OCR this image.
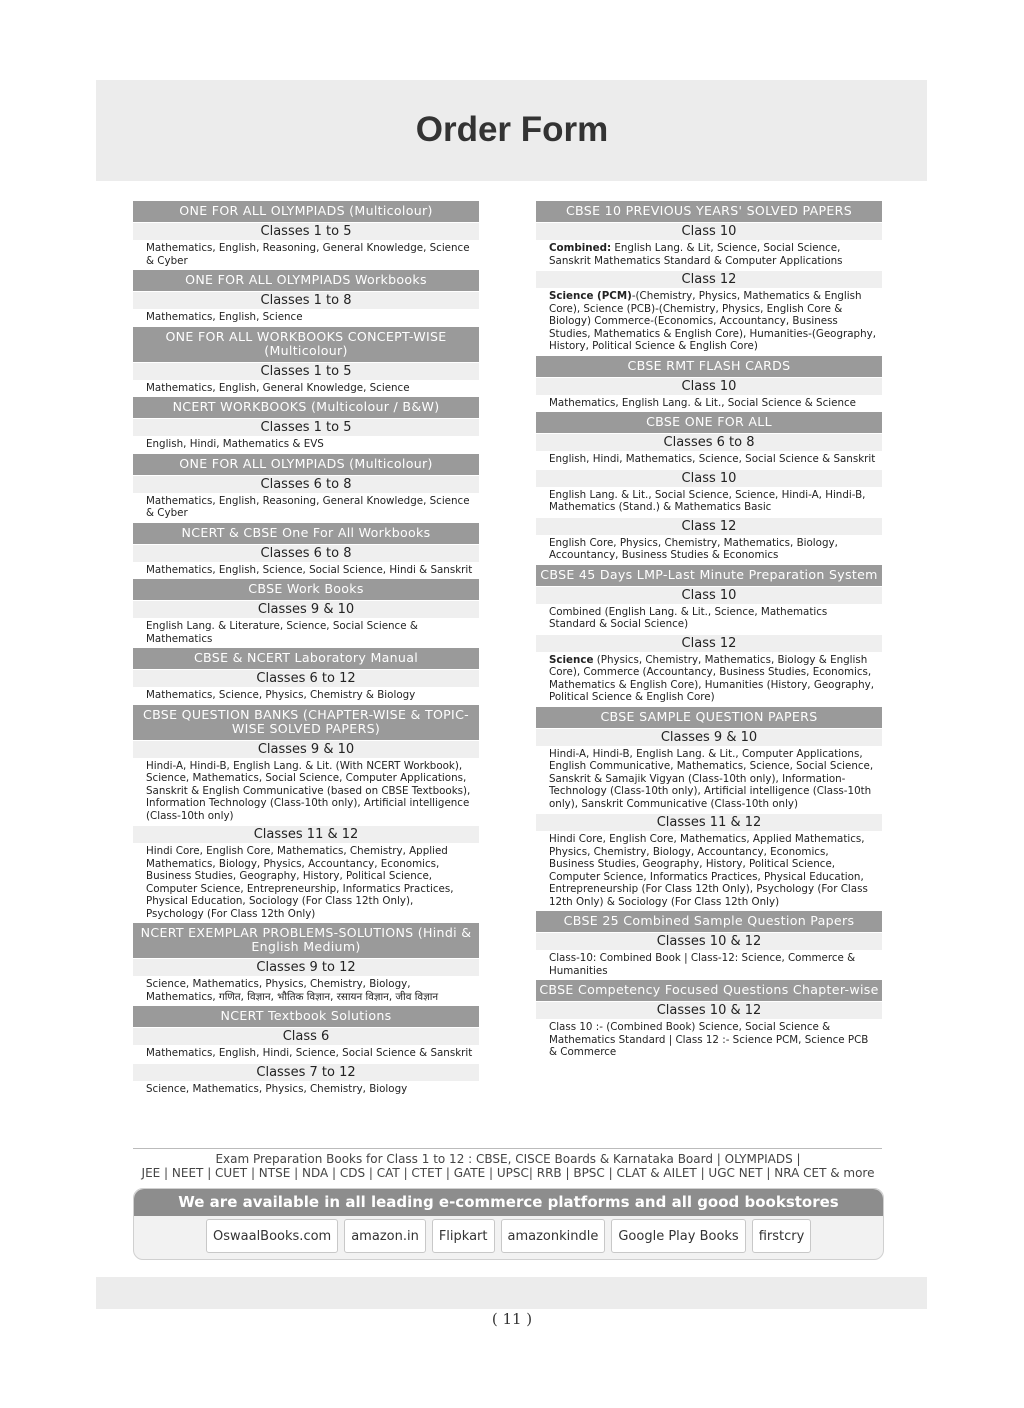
Order Form
ONE FOR ALL OLYMPIADS (Multicolour)
Classes 1 to 5
Mathematics, English, Reasoning, General Knowledge, Science & Cyber
ONE FOR ALL OLYMPIADS Workbooks
Classes 1 to 8
Mathematics, English, Science
ONE FOR ALL WORKBOOKS CONCEPT-WISE (Multicolour)
Classes 1 to 5
Mathematics, English, General Knowledge, Science
NCERT WORKBOOKS (Multicolour / B&W)
Classes 1 to 5
English, Hindi, Mathematics & EVS
ONE FOR ALL OLYMPIADS (Multicolour)
Classes 6 to 8
Mathematics, English, Reasoning, General Knowledge, Science & Cyber
NCERT & CBSE One For All Workbooks
Classes 6 to 8
Mathematics, English, Science, Social Science, Hindi & Sanskrit
CBSE Work Books
Classes 9 & 10
English Lang. & Literature, Science, Social Science & Mathematics
CBSE & NCERT Laboratory Manual
Classes 6 to 12
Mathematics, Science, Physics, Chemistry & Biology
CBSE QUESTION BANKS (CHAPTER-WISE & TOPIC-WISE SOLVED PAPERS)
Classes 9 & 10
Hindi-A, Hindi-B, English Lang. & Lit. (With NCERT Workbook), Science, Mathematics, Social Science, Computer Applications, Sanskrit & English Communicative (based on CBSE Textbooks), Information Technology (Class-10th only), Artificial intelligence (Class-10th only)
Classes 11 & 12
Hindi Core, English Core, Mathematics, Chemistry, Applied Mathematics, Biology, Physics, Accountancy, Economics, Business Studies, Geography, History, Political Science, Computer Science, Entrepreneurship, Informatics Practices, Physical Education, Sociology (For Class 12th Only), Psychology (For Class 12th Only)
NCERT EXEMPLAR PROBLEMS-SOLUTIONS (Hindi & English Medium)
Classes 9 to 12
Science, Mathematics, Physics, Chemistry, Biology, Mathematics, गणित, विज्ञान, भौतिक विज्ञान, रसायन विज्ञान, जीव विज्ञान
NCERT Textbook Solutions
Class 6
Mathematics, English, Hindi, Science, Social Science & Sanskrit
Classes 7 to 12
Science, Mathematics, Physics, Chemistry, Biology
CBSE 10 PREVIOUS YEARS' SOLVED PAPERS
Class 10
Combined: English Lang. & Lit, Science, Social Science, Sanskrit Mathematics Standard & Computer Applications
Class 12
Science (PCM)-(Chemistry, Physics, Mathematics & English Core), Science (PCB)-(Chemistry, Physics, English Core & Biology) Commerce-(Economics, Accountancy, Business Studies, Mathematics & English Core), Humanities-(Geography, History, Political Science & English Core)
CBSE RMT FLASH CARDS
Class 10
Mathematics, English Lang. & Lit., Social Science & Science
CBSE ONE FOR ALL
Classes 6 to 8
English, Hindi, Mathematics, Science, Social Science & Sanskrit
Class 10
English Lang. & Lit., Social Science, Science, Hindi-A, Hindi-B, Mathematics (Stand.) & Mathematics Basic
Class 12
English Core, Physics, Chemistry, Mathematics, Biology, Accountancy, Business Studies & Economics
CBSE 45 Days LMP-Last Minute Preparation System
Class 10
Combined (English Lang. & Lit., Science, Mathematics Standard & Social Science)
Class 12
Science (Physics, Chemistry, Mathematics, Biology & English Core), Commerce (Accountancy, Business Studies, Economics, Mathematics & English Core), Humanities (History, Geography, Political Science & English Core)
CBSE SAMPLE QUESTION PAPERS
Classes 9 & 10
Hindi-A, Hindi-B, English Lang. & Lit., Computer Applications, English Communicative, Mathematics, Science, Social Science, Sanskrit & Samajik Vigyan (Class-10th only), Information-Technology (Class-10th only), Artificial intelligence (Class-10th only), Sanskrit Communicative (Class-10th only)
Classes 11 & 12
Hindi Core, English Core, Mathematics, Applied Mathematics, Physics, Chemistry, Biology, Accountancy, Economics, Business Studies, Geography, History, Political Science, Computer Science, Informatics Practices, Physical Education, Entrepreneurship (For Class 12th Only), Psychology (For Class 12th Only) & Sociology (For Class 12th Only)
CBSE 25 Combined Sample Question Papers
Classes 10 & 12
Class-10: Combined Book | Class-12: Science, Commerce & Humanities
CBSE Competency Focused Questions Chapter-wise
Classes 10 & 12
Class 10 :- (Combined Book) Science, Social Science & Mathematics Standard | Class 12 :- Science PCM, Science PCB & Commerce
Exam Preparation Books for Class 1 to 12 : CBSE, CISCE Boards & Karnataka Board | OLYMPIADS |
JEE | NEET | CUET | NTSE | NDA | CDS | CAT | CTET | GATE | UPSC| RRB | BPSC | CLAT & AILET | UGC NET | NRA CET & more
We are available in all leading e-commerce platforms and all good bookstores
OswaalBooks.com	amazon.in	Flipkart	amazonkindle	Google Play Books	firstcry
( 11 )
